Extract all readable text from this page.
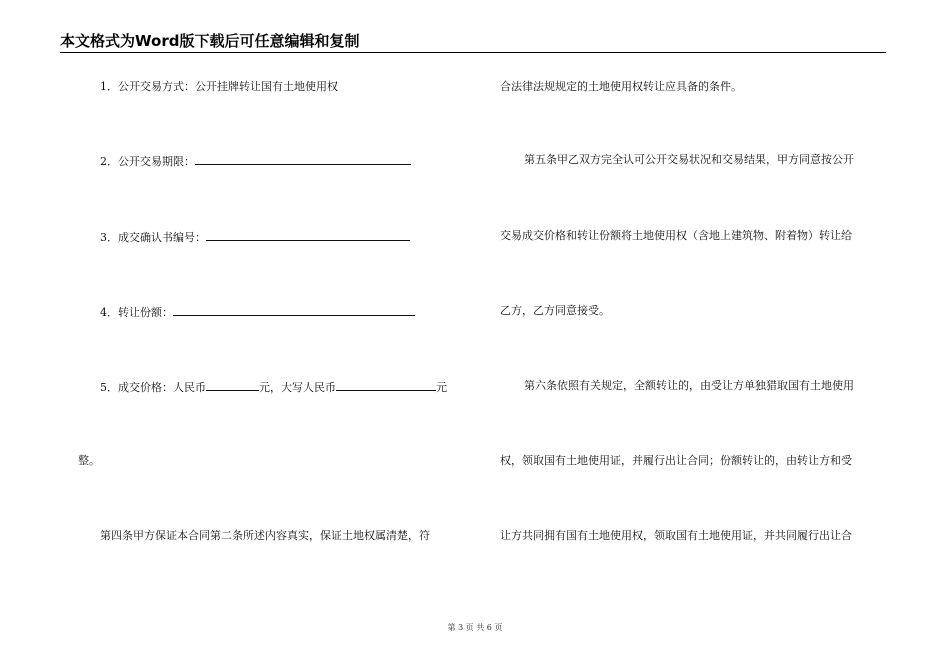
本文格式为Word版下载后可任意编辑和复制
1．公开交易方式：公开挂牌转让国有土地使用权
2．公开交易期限：
3．成交确认书编号：
4．转让份额：
5．成交价格：人民币	元，大写人民币	元
整。
第四条甲方保证本合同第二条所述内容真实，保证土地权属清楚，符
合法律法规规定的土地使用权转让应具备的条件。
第五条甲乙双方完全认可公开交易状况和交易结果，甲方同意按公开
交易成交价格和转让份额将土地使用权（含地上建筑物、附着物）转让给
乙方，乙方同意接受。
第六条依照有关规定，全额转让的，由受让方单独猎取国有土地使用
权，领取国有土地使用证，并履行出让合同；份额转让的，由转让方和受
让方共同拥有国有土地使用权，领取国有土地使用证，并共同履行出让合
第 3 页 共 6 页
